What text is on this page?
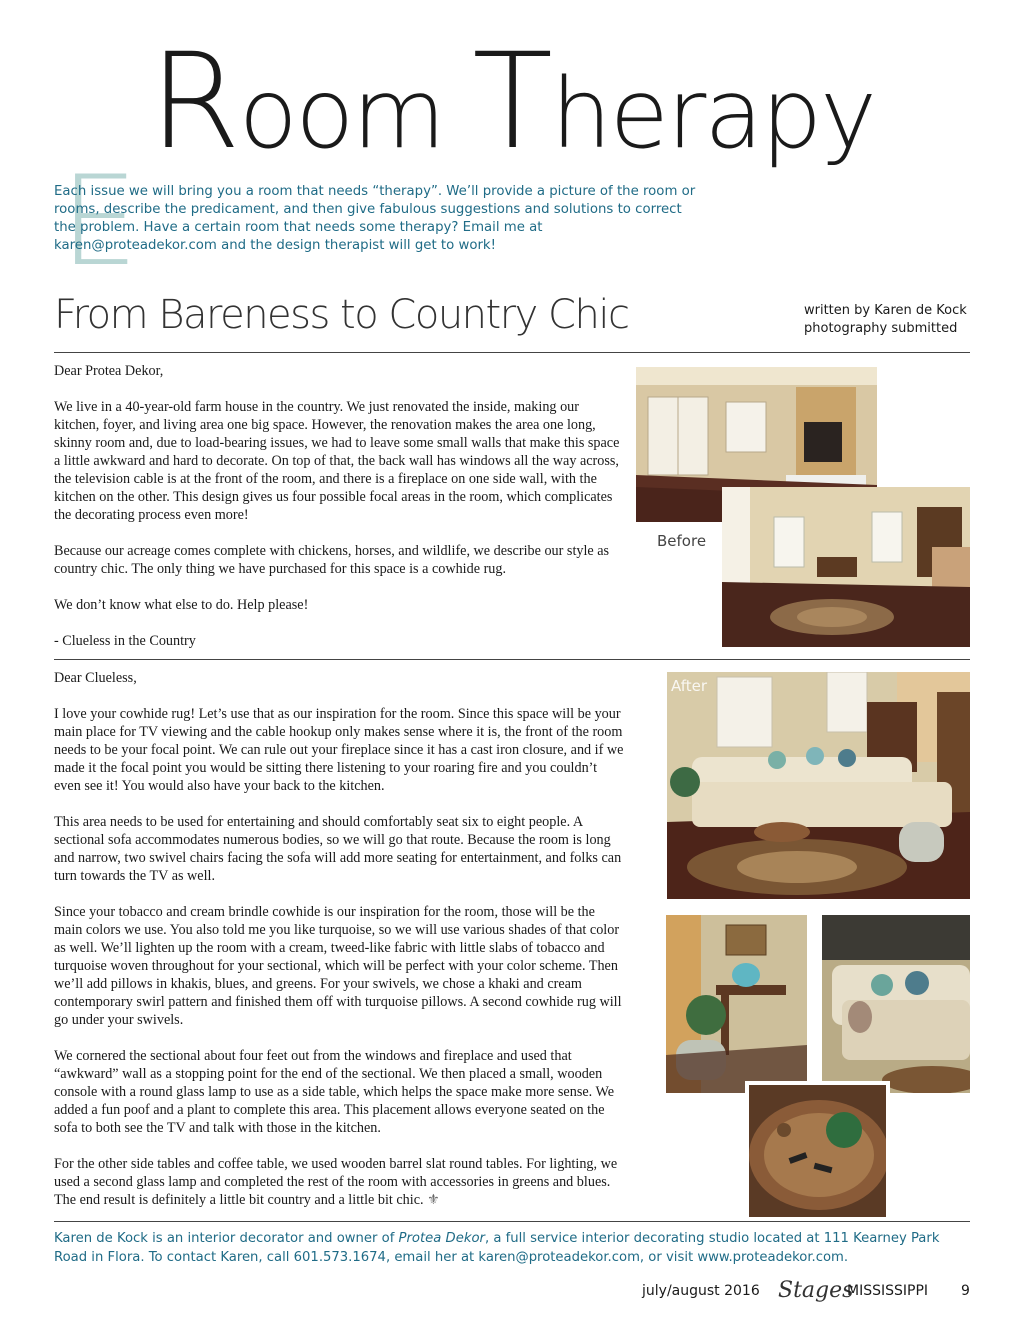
Room Therapy
E
Each issue we will bring you a room that needs “therapy”. We’ll provide a picture of the room or rooms, describe the predicament, and then give fabulous suggestions and solutions to correct the problem. Have a certain room that needs some therapy? Email me at karen@proteadekor.com and the design therapist will get to work!
From Bareness to Country Chic	written by Karen de Kock
photography submitted

Dear Protea Dekor,

We live in a 40-year-old farm house in the country. We just renovated the inside, making our kitchen, foyer, and living area one big space. However, the renovation makes the area one long, skinny room and, due to load-bearing issues, we had to leave some small walls that make this space a little awkward and hard to decorate. On top of that, the back wall has windows all the way across, the television cable is at the front of the room, and there is a fireplace on one side wall, with the kitchen on the other. This design gives us four possible focal areas in the room, which complicates the decorating process even more!

Because our acreage comes complete with chickens, horses, and wildlife, we describe our style as country chic. The only thing we have purchased for this space is a cowhide rug.

We don’t know what else to do. Help please!

- Clueless in the Country

Dear Clueless,

I love your cowhide rug! Let’s use that as our inspiration for the room. Since this space will be your main place for TV viewing and the cable hookup only makes sense where it is, the front of the room needs to be your focal point. We can rule out your fireplace since it has a cast iron closure, and if we made it the focal point you would be sitting there listening to your roaring fire and you couldn’t even see it! You would also have your back to the kitchen.

This area needs to be used for entertaining and should comfortably seat six to eight people. A sectional sofa accommodates numerous bodies, so we will go that route. Because the room is long and narrow, two swivel chairs facing the sofa will add more seating for entertainment, and folks can turn towards the TV as well.

Since your tobacco and cream brindle cowhide is our inspiration for the room, those will be the main colors we use. You also told me you like turquoise, so we will use various shades of that color as well. We’ll lighten up the room with a cream, tweed-like fabric with little slabs of tobacco and turquoise woven throughout for your sectional, which will be perfect with your color scheme. Then we’ll add pillows in khakis, blues, and greens. For your swivels, we chose a khaki and cream contemporary swirl pattern and finished them off with turquoise pillows. A second cowhide rug will go under your swivels.

We cornered the sectional about four feet out from the windows and fireplace and used that “awkward” wall as a stopping point for the end of the sectional. We then placed a small, wooden console with a round glass lamp to use as a side table, which helps the space make more sense. We added a fun poof and a plant to complete this area. This placement allows everyone seated on the sofa to both see the TV and talk with those in the kitchen.

For the other side tables and coffee table, we used wooden barrel slat round tables. For lighting, we used a second glass lamp and completed the rest of the room with accessories in greens and blues. The end result is definitely a little bit country and a little bit chic. ⚜

Before
After
Karen de Kock is an interior decorator and owner of Protea Dekor, a full service interior decorating studio located at 111 Kearney Park Road in Flora. To contact Karen, call 601.573.1674, email her at karen@proteadekor.com, or visit www.proteadekor.com.
july/august 2016 Stages
MISSISSIPPI 9
